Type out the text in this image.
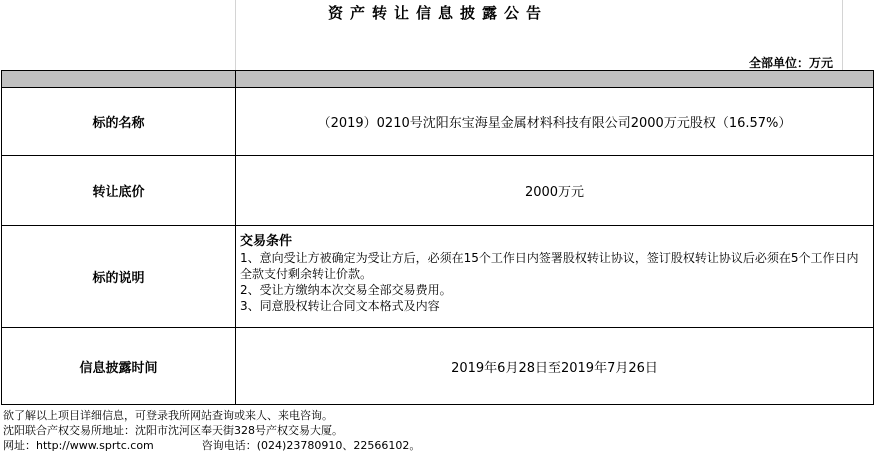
资产转让信息披露公告
全部单位：万元

标的名称	（2019）0210号沈阳东宝海星金属材料科技有限公司2000万元股权（16.57%）
转让底价	2000万元
标的说明	交易条件
1、意向受让方被确定为受让方后，必须在15个工作日内签署股权转让协议，签订股权转让协议后必须在5个工作日内全款支付剩余转让价款。
2、受让方缴纳本次交易全部交易费用。
3、同意股权转让合同文本格式及内容

信息披露时间	2019年6月28日至2019年7月26日
欲了解以上项目详细信息，可登录我所网站查询或来人、来电咨询。
沈阳联合产权交易所地址：沈阳市沈河区奉天街328号产权交易大厦。
网址：http://www.sprtc.com	咨询电话：(024)23780910、22566102。
